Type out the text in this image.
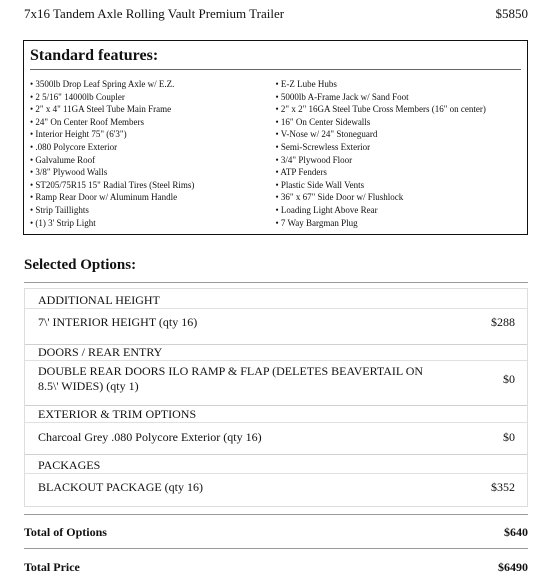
7x16 Tandem Axle Rolling Vault Premium Trailer	$5850
Standard features:
• 3500lb Drop Leaf Spring Axle w/ E.Z.
• 2 5/16" 14000lb Coupler
• 2" x 4" 11GA Steel Tube Main Frame
• 24" On Center Roof Members
• Interior Height 75" (6'3")
• .080 Polycore Exterior
• Galvalume Roof
• 3/8" Plywood Walls
• ST205/75R15 15" Radial Tires (Steel Rims)
• Ramp Rear Door w/ Aluminum Handle
• Strip Taillights
• (1) 3' Strip Light
• E-Z Lube Hubs
• 5000lb A-Frame Jack w/ Sand Foot
• 2" x 2" 16GA Steel Tube Cross Members (16" on center)
• 16" On Center Sidewalls
• V-Nose w/ 24" Stoneguard
• Semi-Screwless Exterior
• 3/4" Plywood Floor
• ATP Fenders
• Plastic Side Wall Vents
• 36" x 67" Side Door w/ Flushlock
• Loading Light Above Rear
• 7 Way Bargman Plug
Selected Options:
ADDITIONAL HEIGHT
7\' INTERIOR HEIGHT (qty 16)	$288
DOORS / REAR ENTRY
DOUBLE REAR DOORS ILO RAMP & FLAP (DELETES BEAVERTAIL ON 8.5\' WIDES) (qty 1)	$0
EXTERIOR & TRIM OPTIONS
Charcoal Grey .080 Polycore Exterior (qty 16)	$0
PACKAGES
BLACKOUT PACKAGE (qty 16)	$352
Total of Options	$640
Total Price	$6490
